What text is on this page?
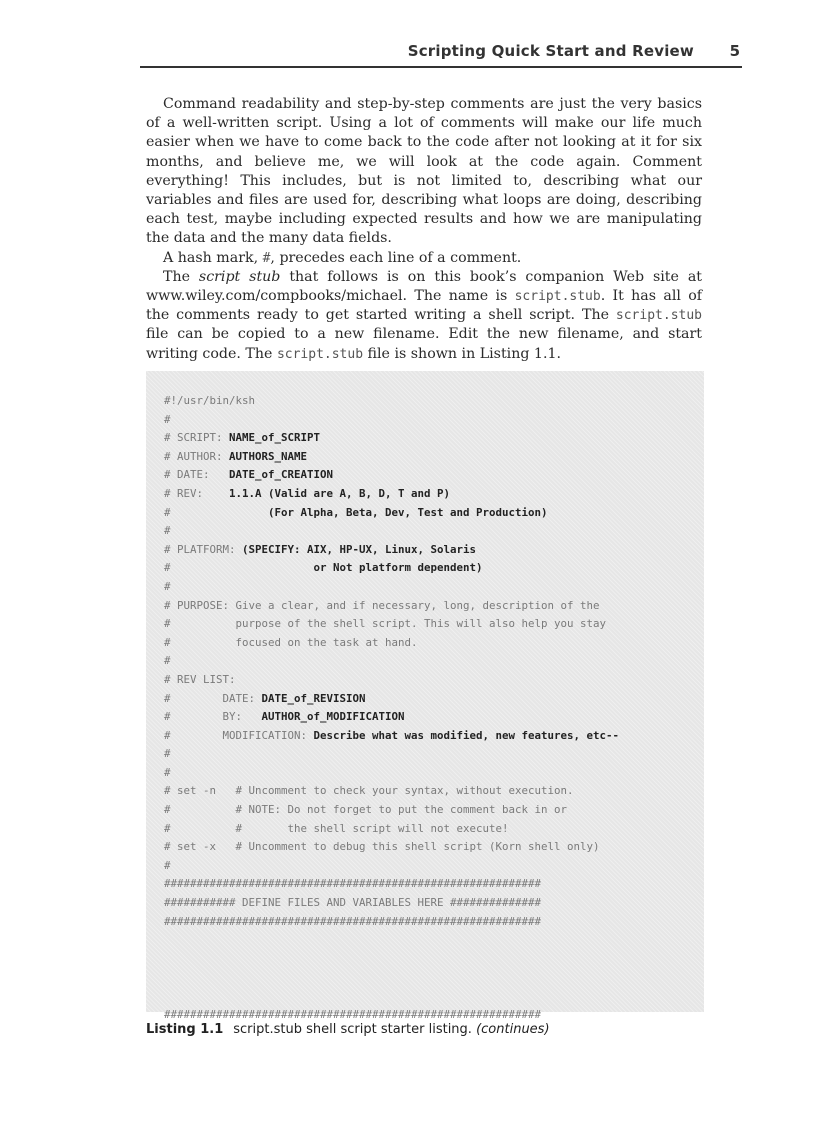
Scripting Quick Start and Review 5

Command readability and step-by-step comments are just the very basics of a well-written script. Using a lot of comments will make our life much easier when we have to come back to the code after not looking at it for six months, and believe me, we will look at the code again. Comment everything! This includes, but is not limited to, describing what our variables and files are used for, describing what loops are doing, describing each test, maybe including expected results and how we are manipulating the data and the many data fields.

A hash mark, #, precedes each line of a comment.

The script stub that follows is on this book’s companion Web site at www.wiley.com/compbooks/michael. The name is script.stub. It has all of the comments ready to get started writing a shell script. The script.stub file can be copied to a new filename. Edit the new filename, and start writing code. The script.stub file is shown in Listing 1.1.

#!/usr/bin/ksh
#
# SCRIPT: NAME_of_SCRIPT
# AUTHOR: AUTHORS_NAME
# DATE:   DATE_of_CREATION
# REV:    1.1.A (Valid are A, B, D, T and P)
#               (For Alpha, Beta, Dev, Test and Production)
#
# PLATFORM: (SPECIFY: AIX, HP-UX, Linux, Solaris
#                      or Not platform dependent)
#
# PURPOSE: Give a clear, and if necessary, long, description of the
#          purpose of the shell script. This will also help you stay
#          focused on the task at hand.
#
# REV LIST:
#        DATE: DATE_of_REVISION
#        BY:   AUTHOR_of_MODIFICATION
#        MODIFICATION: Describe what was modified, new features, etc--
#
#
# set -n   # Uncomment to check your syntax, without execution.
#          # NOTE: Do not forget to put the comment back in or
#          #       the shell script will not execute!
# set -x   # Uncomment to debug this shell script (Korn shell only)
#
##########################################################
########### DEFINE FILES AND VARIABLES HERE ##############
##########################################################

##########################################################
Listing 1.1 script.stub shell script starter listing. (continues)
